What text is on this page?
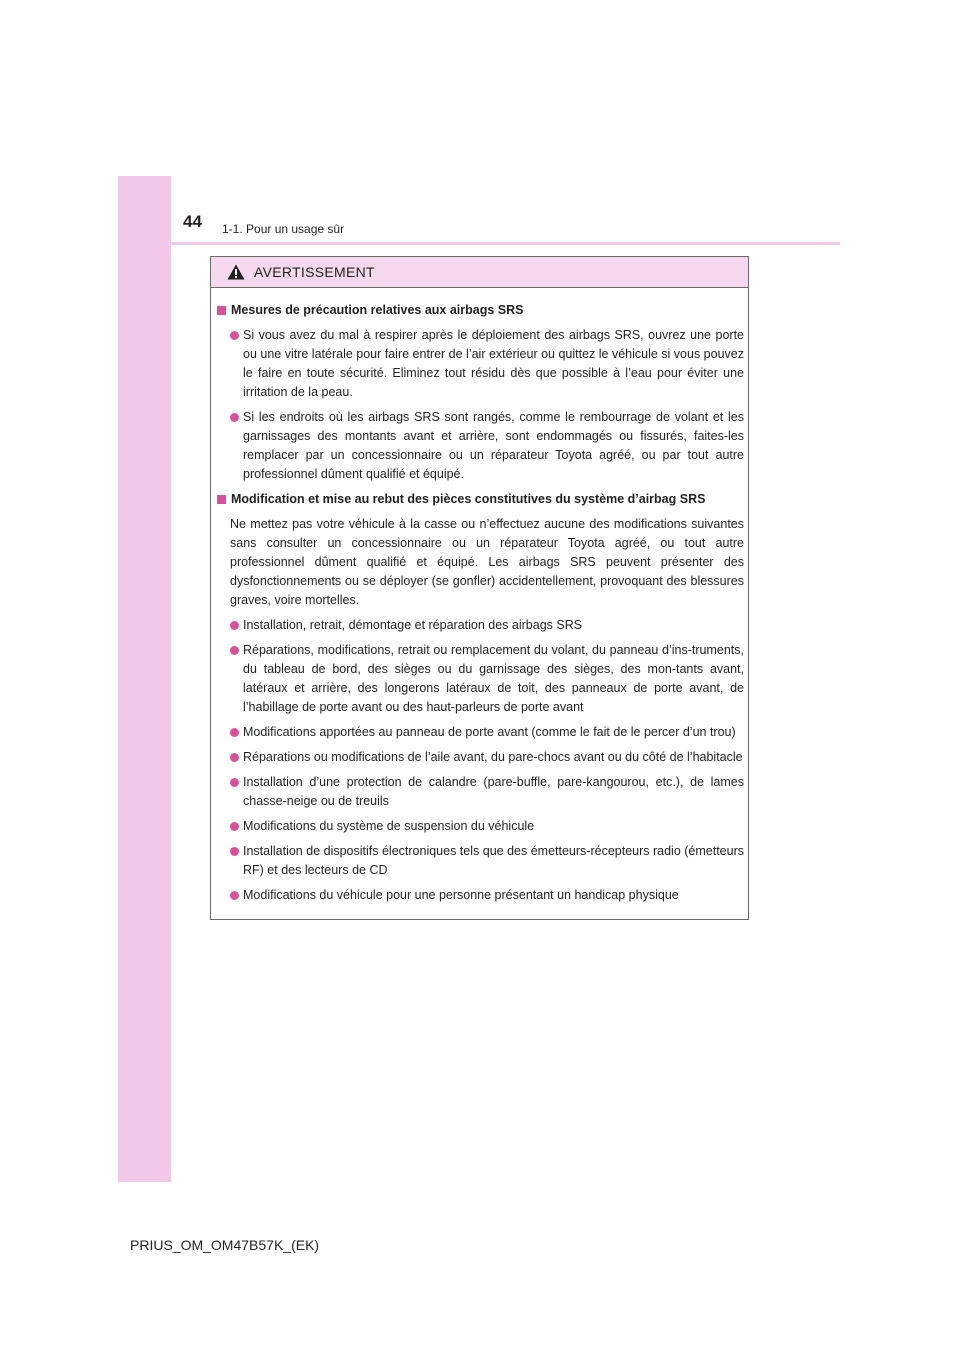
44 1-1. Pour un usage sûr
AVERTISSEMENT
Mesures de précaution relatives aux airbags SRS
Si vous avez du mal à respirer après le déploiement des airbags SRS, ouvrez une porte ou une vitre latérale pour faire entrer de l’air extérieur ou quittez le véhicule si vous pouvez le faire en toute sécurité. Eliminez tout résidu dès que possible à l’eau pour éviter une irritation de la peau.
Si les endroits où les airbags SRS sont rangés, comme le rembourrage de volant et les garnissages des montants avant et arrière, sont endommagés ou fissurés, faites-les remplacer par un concessionnaire ou un réparateur Toyota agréé, ou par tout autre professionnel dûment qualifié et équipé.
Modification et mise au rebut des pièces constitutives du système d’airbag SRS
Ne mettez pas votre véhicule à la casse ou n’effectuez aucune des modifications suivantes sans consulter un concessionnaire ou un réparateur Toyota agréé, ou tout autre professionnel dûment qualifié et équipé. Les airbags SRS peuvent présenter des dysfonctionnements ou se déployer (se gonfler) accidentellement, provoquant des blessures graves, voire mortelles.
Installation, retrait, démontage et réparation des airbags SRS
Réparations, modifications, retrait ou remplacement du volant, du panneau d’ins-truments, du tableau de bord, des sièges ou du garnissage des sièges, des mon-tants avant, latéraux et arrière, des longerons latéraux de toit, des panneaux de porte avant, de l’habillage de porte avant ou des haut-parleurs de porte avant
Modifications apportées au panneau de porte avant (comme le fait de le percer d’un trou)
Réparations ou modifications de l’aile avant, du pare-chocs avant ou du côté de l’habitacle
Installation d’une protection de calandre (pare-buffle, pare-kangourou, etc.), de lames chasse-neige ou de treuils
Modifications du système de suspension du véhicule
Installation de dispositifs électroniques tels que des émetteurs-récepteurs radio (émetteurs RF) et des lecteurs de CD
Modifications du véhicule pour une personne présentant un handicap physique
PRIUS_OM_OM47B57K_(EK)
